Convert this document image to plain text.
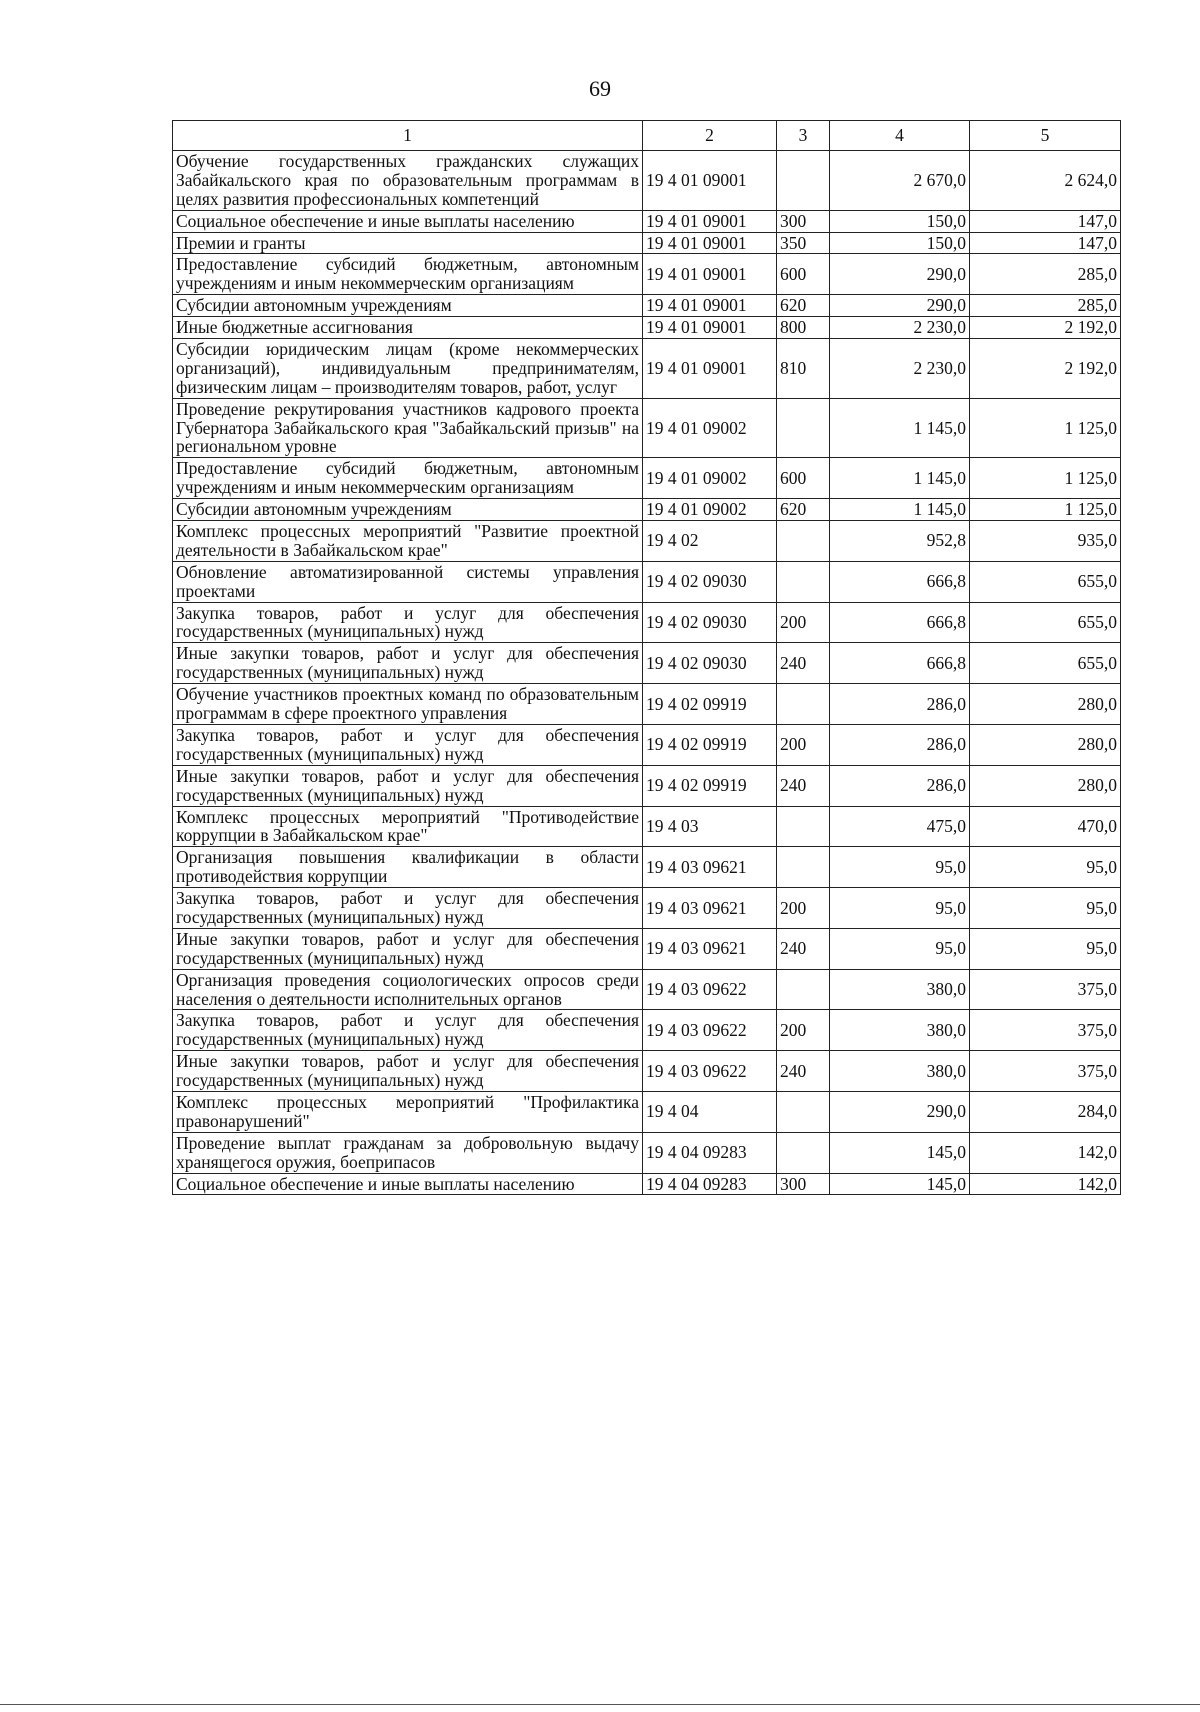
69
1	2	3	4	5
Обучение государственных гражданских служащих Забайкальского края по образовательным программам в целях развития профессиональных компетенций	19 4 01 09001		2 670,0	2 624,0
Социальное обеспечение и иные выплаты населению	19 4 01 09001	300	150,0	147,0
Премии и гранты	19 4 01 09001	350	150,0	147,0
Предоставление субсидий бюджетным, автономным учреждениям и иным некоммерческим организациям	19 4 01 09001	600	290,0	285,0
Субсидии автономным учреждениям	19 4 01 09001	620	290,0	285,0
Иные бюджетные ассигнования	19 4 01 09001	800	2 230,0	2 192,0
Субсидии юридическим лицам (кроме некоммерческих организаций), индивидуальным предпринимателям, физическим лицам – производителям товаров, работ, услуг	19 4 01 09001	810	2 230,0	2 192,0
Проведение рекрутирования участников кадрового проекта Губернатора Забайкальского края "Забайкальский призыв" на региональном уровне	19 4 01 09002		1 145,0	1 125,0
Предоставление субсидий бюджетным, автономным учреждениям и иным некоммерческим организациям	19 4 01 09002	600	1 145,0	1 125,0
Субсидии автономным учреждениям	19 4 01 09002	620	1 145,0	1 125,0
Комплекс процессных мероприятий "Развитие проектной деятельности в Забайкальском крае"	19 4 02		952,8	935,0
Обновление автоматизированной системы управления проектами	19 4 02 09030		666,8	655,0
Закупка товаров, работ и услуг для обеспечения государственных (муниципальных) нужд	19 4 02 09030	200	666,8	655,0
Иные закупки товаров, работ и услуг для обеспечения государственных (муниципальных) нужд	19 4 02 09030	240	666,8	655,0
Обучение участников проектных команд по образовательным программам в сфере проектного управления	19 4 02 09919		286,0	280,0
Закупка товаров, работ и услуг для обеспечения государственных (муниципальных) нужд	19 4 02 09919	200	286,0	280,0
Иные закупки товаров, работ и услуг для обеспечения государственных (муниципальных) нужд	19 4 02 09919	240	286,0	280,0
Комплекс процессных мероприятий "Противодействие коррупции в Забайкальском крае"	19 4 03		475,0	470,0
Организация повышения квалификации в области противодействия коррупции	19 4 03 09621		95,0	95,0
Закупка товаров, работ и услуг для обеспечения государственных (муниципальных) нужд	19 4 03 09621	200	95,0	95,0
Иные закупки товаров, работ и услуг для обеспечения государственных (муниципальных) нужд	19 4 03 09621	240	95,0	95,0
Организация проведения социологических опросов среди населения о деятельности исполнительных органов	19 4 03 09622		380,0	375,0
Закупка товаров, работ и услуг для обеспечения государственных (муниципальных) нужд	19 4 03 09622	200	380,0	375,0
Иные закупки товаров, работ и услуг для обеспечения государственных (муниципальных) нужд	19 4 03 09622	240	380,0	375,0
Комплекс процессных мероприятий "Профилактика правонарушений"	19 4 04		290,0	284,0
Проведение выплат гражданам за добровольную выдачу хранящегося оружия, боеприпасов	19 4 04 09283		145,0	142,0
Социальное обеспечение и иные выплаты населению	19 4 04 09283	300	145,0	142,0
